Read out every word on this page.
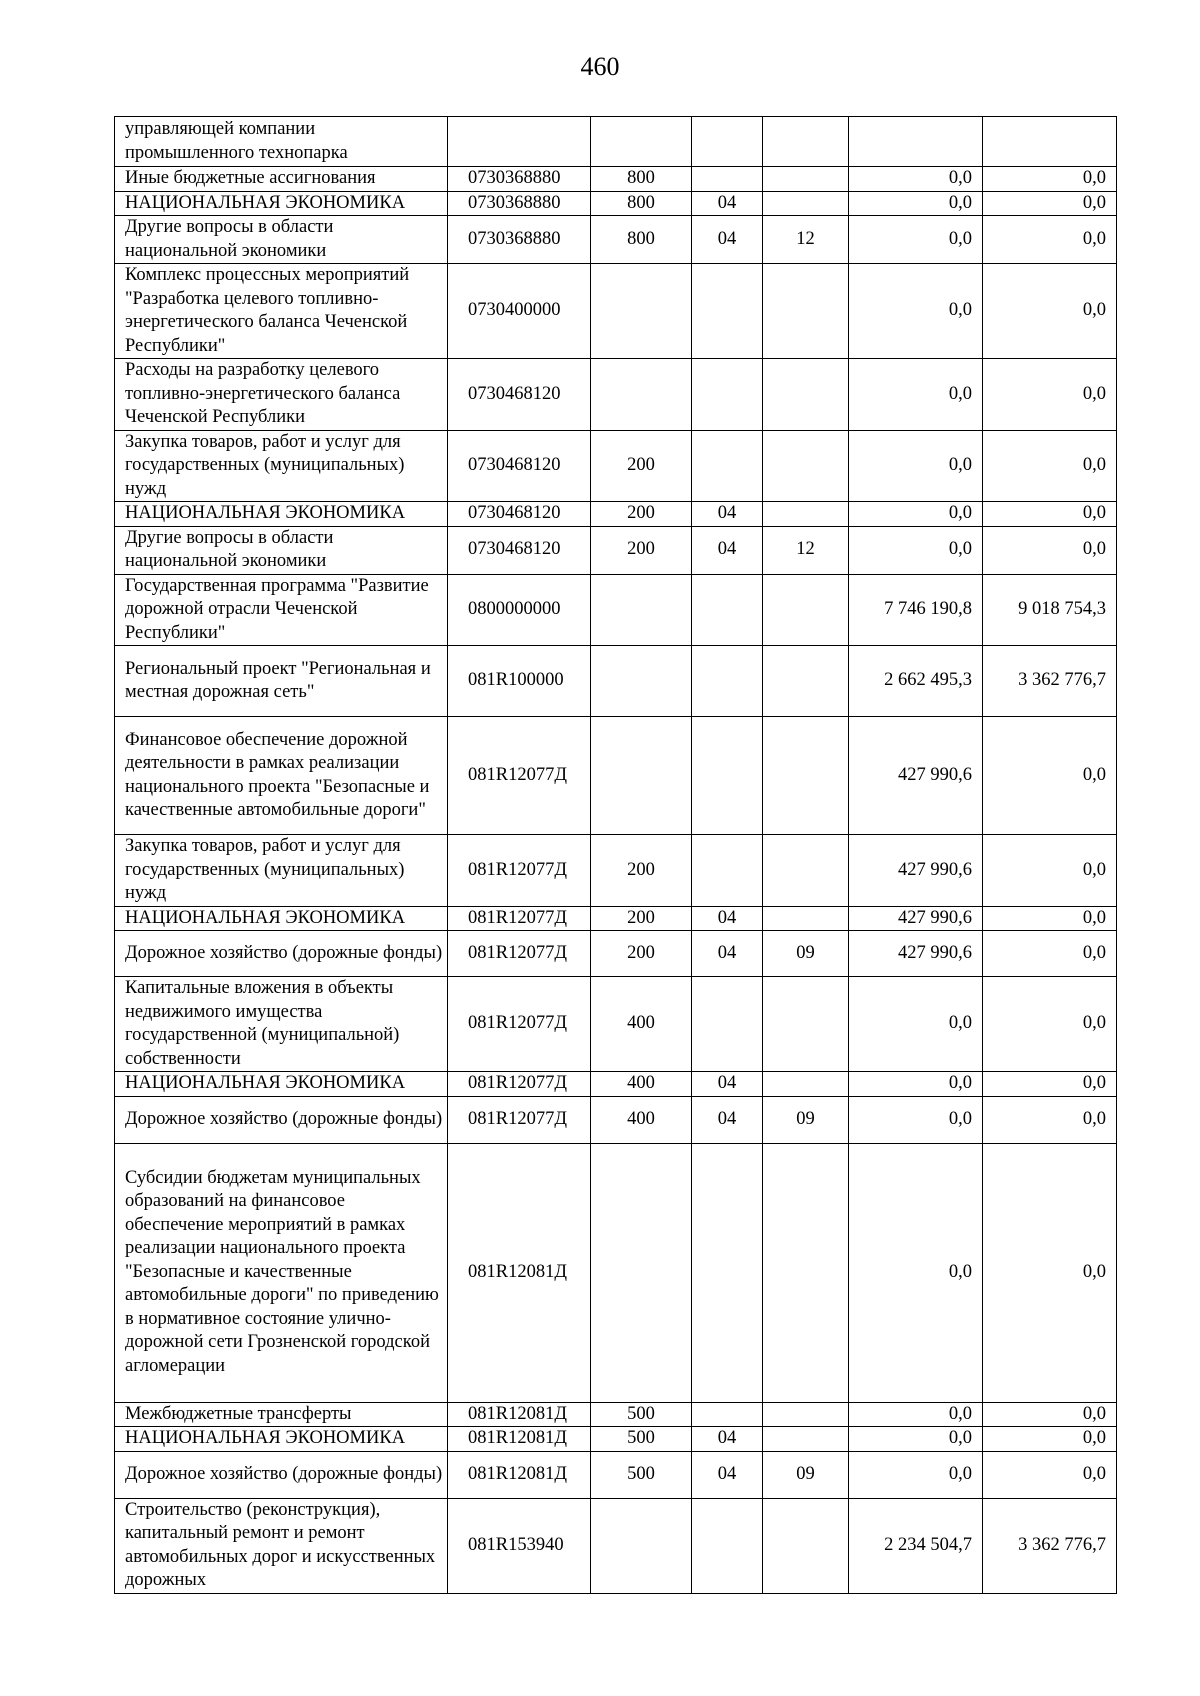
460
управляющей компании промышленного технопарка						
Иные бюджетные ассигнования	0730368880	800			0,0	0,0
НАЦИОНАЛЬНАЯ ЭКОНОМИКА	0730368880	800	04		0,0	0,0
Другие вопросы в области национальной экономики	0730368880	800	04	12	0,0	0,0
Комплекс процессных мероприятий "Разработка целевого топливно-энергетического баланса Чеченской Республики"	0730400000				0,0	0,0
Расходы на разработку целевого топливно-энергетического баланса Чеченской Республики	0730468120				0,0	0,0
Закупка товаров, работ и услуг для государственных (муниципальных) нужд	0730468120	200			0,0	0,0
НАЦИОНАЛЬНАЯ ЭКОНОМИКА	0730468120	200	04		0,0	0,0
Другие вопросы в области национальной экономики	0730468120	200	04	12	0,0	0,0
Государственная программа "Развитие дорожной отрасли Чеченской Республики"	0800000000				7 746 190,8	9 018 754,3
Региональный проект "Региональная и местная дорожная сеть"	081R100000				2 662 495,3	3 362 776,7
Финансовое обеспечение дорожной деятельности в рамках реализации национального проекта "Безопасные и качественные автомобильные дороги"	081R12077Д				427 990,6	0,0
Закупка товаров, работ и услуг для государственных (муниципальных) нужд	081R12077Д	200			427 990,6	0,0
НАЦИОНАЛЬНАЯ ЭКОНОМИКА	081R12077Д	200	04		427 990,6	0,0
Дорожное хозяйство (дорожные фонды)	081R12077Д	200	04	09	427 990,6	0,0
Капитальные вложения в объекты недвижимого имущества государственной (муниципальной) собственности	081R12077Д	400			0,0	0,0
НАЦИОНАЛЬНАЯ ЭКОНОМИКА	081R12077Д	400	04		0,0	0,0
Дорожное хозяйство (дорожные фонды)	081R12077Д	400	04	09	0,0	0,0
Субсидии бюджетам муниципальных образований на финансовое обеспечение мероприятий в рамках реализации национального проекта "Безопасные и качественные автомобильные дороги" по приведению в нормативное состояние улично-дорожной сети Грозненской городской агломерации	081R12081Д				0,0	0,0
Межбюджетные трансферты	081R12081Д	500			0,0	0,0
НАЦИОНАЛЬНАЯ ЭКОНОМИКА	081R12081Д	500	04		0,0	0,0
Дорожное хозяйство (дорожные фонды)	081R12081Д	500	04	09	0,0	0,0
Строительство (реконструкция), капитальный ремонт и ремонт автомобильных дорог и искусственных дорожных	081R153940				2 234 504,7	3 362 776,7
